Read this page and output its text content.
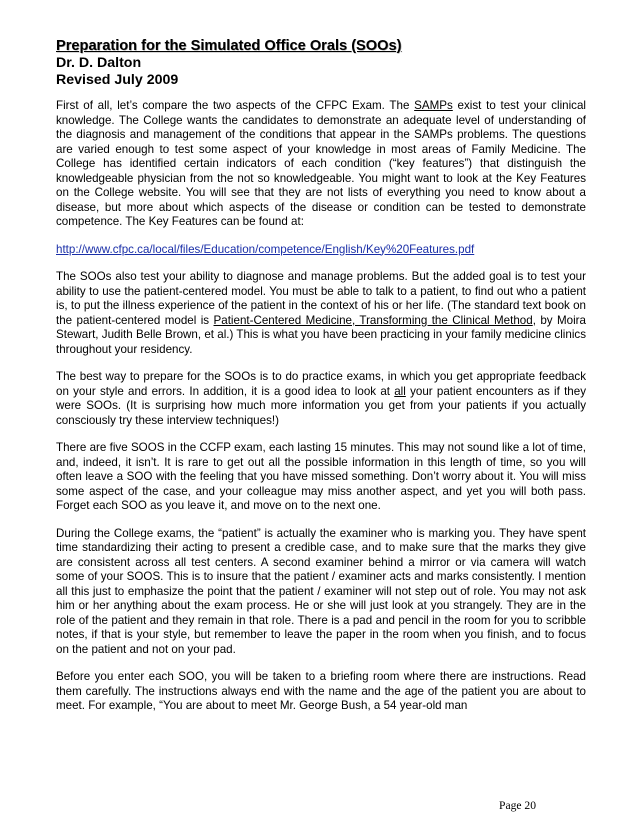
Preparation for the Simulated Office Orals (SOOs)
Dr. D. Dalton
Revised July 2009

First of all, let’s compare the two aspects of the CFPC Exam. The SAMPs exist to test your clinical knowledge. The College wants the candidates to demonstrate an adequate level of understanding of the diagnosis and management of the conditions that appear in the SAMPs problems. The questions are varied enough to test some aspect of your knowledge in most areas of Family Medicine. The College has identified certain indicators of each condition (“key features”) that distinguish the knowledgeable physician from the not so knowledgeable. You might want to look at the Key Features on the College website. You will see that they are not lists of everything you need to know about a disease, but more about which aspects of the disease or condition can be tested to demonstrate competence. The Key Features can be found at:

http://www.cfpc.ca/local/files/Education/competence/English/Key%20Features.pdf

The SOOs also test your ability to diagnose and manage problems. But the added goal is to test your ability to use the patient-centered model. You must be able to talk to a patient, to find out who a patient is, to put the illness experience of the patient in the context of his or her life. (The standard text book on the patient-centered model is Patient-Centered Medicine, Transforming the Clinical Method, by Moira Stewart, Judith Belle Brown, et al.) This is what you have been practicing in your family medicine clinics throughout your residency.

The best way to prepare for the SOOs is to do practice exams, in which you get appropriate feedback on your style and errors. In addition, it is a good idea to look at all your patient encounters as if they were SOOs. (It is surprising how much more information you get from your patients if you actually consciously try these interview techniques!)

There are five SOOS in the CCFP exam, each lasting 15 minutes. This may not sound like a lot of time, and, indeed, it isn’t. It is rare to get out all the possible information in this length of time, so you will often leave a SOO with the feeling that you have missed something. Don’t worry about it. You will miss some aspect of the case, and your colleague may miss another aspect, and yet you will both pass. Forget each SOO as you leave it, and move on to the next one.

During the College exams, the “patient” is actually the examiner who is marking you. They have spent time standardizing their acting to present a credible case, and to make sure that the marks they give are consistent across all test centers. A second examiner behind a mirror or via camera will watch some of your SOOS. This is to insure that the patient / examiner acts and marks consistently. I mention all this just to emphasize the point that the patient / examiner will not step out of role. You may not ask him or her anything about the exam process. He or she will just look at you strangely. They are in the role of the patient and they remain in that role. There is a pad and pencil in the room for you to scribble notes, if that is your style, but remember to leave the paper in the room when you finish, and to focus on the patient and not on your pad.

Before you enter each SOO, you will be taken to a briefing room where there are instructions. Read them carefully. The instructions always end with the name and the age of the patient you are about to meet. For example, “You are about to meet Mr. George Bush, a 54 year-old man

Page 20
